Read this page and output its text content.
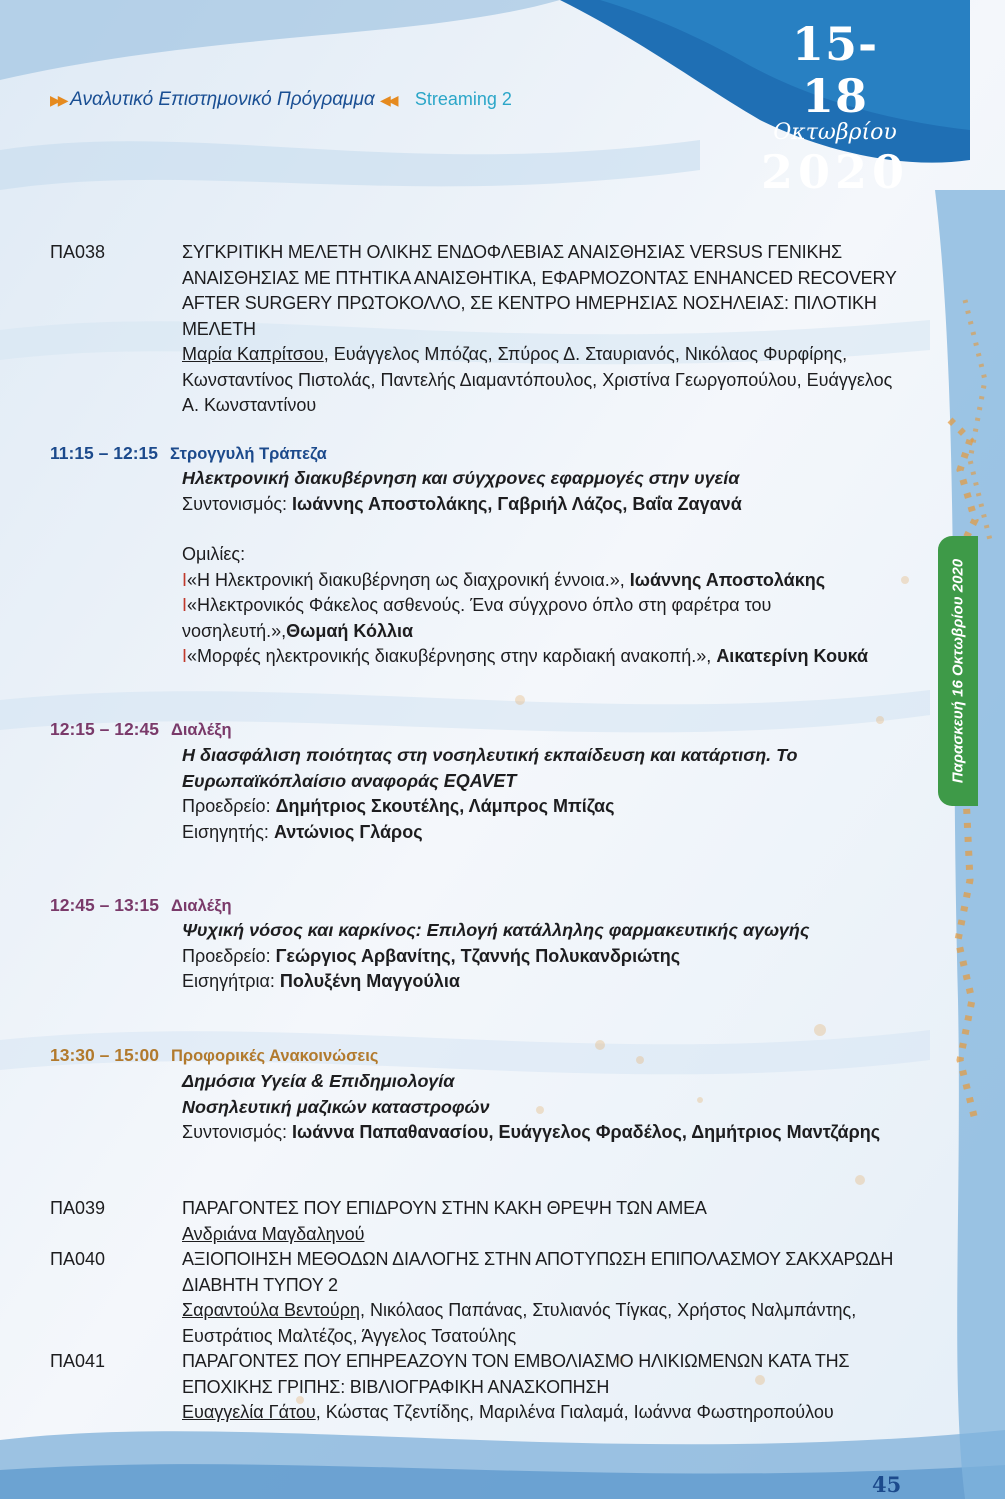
▶▶ Αναλυτικό Επιστημονικό Πρόγραμμα ◀◀ Streaming 2
15-18
Οκτωβρίου
2020
Παρασκευή 16 Οκτωβρίου 2020
ΠΑ038	ΣΥΓΚΡΙΤΙΚΗ ΜΕΛΕΤΗ ΟΛΙΚΗΣ ΕΝΔΟΦΛΕΒΙΑΣ ΑΝΑΙΣΘΗΣΙΑΣ VERSUS ΓΕΝΙΚΗΣ ΑΝΑΙΣΘΗΣΙΑΣ ΜΕ ΠΤΗΤΙΚΑ ΑΝΑΙΣΘΗΤΙΚΑ, ΕΦΑΡΜΟΖΟΝΤΑΣ ENHANCED RECOVERY AFTER SURGERY ΠΡΩΤΟΚΟΛΛΟ, ΣΕ ΚΕΝΤΡΟ ΗΜΕΡΗΣΙΑΣ ΝΟΣΗΛΕΙΑΣ: ΠΙΛΟΤΙΚΗ ΜΕΛΕΤΗ
Μαρία Καπρίτσου, Ευάγγελος Μπόζας, Σπύρος Δ. Σταυριανός, Νικόλαος Φυρφίρης, Κωνσταντίνος Πιστολάς, Παντελής Διαμαντόπουλος, Χριστίνα Γεωργοπούλου, Ευάγγελος Α. Κωνσταντίνου
11:15 – 12:15 Στρογγυλή Τράπεζα
Ηλεκτρονική διακυβέρνηση και σύγχρονες εφαρμογές στην υγεία
Συντονισμός: Ιωάννης Αποστολάκης, Γαβριήλ Λάζος, Βαΐα Ζαγανά
Ομιλίες:
I«Η Ηλεκτρονική διακυβέρνηση ως διαχρονική έννοια.», Ιωάννης Αποστολάκης
I«Ηλεκτρονικός Φάκελος ασθενούς. Ένα σύγχρονο όπλο στη φαρέτρα του νοσηλευτή.»,Θωμαή Κόλλια
I«Μορφές ηλεκτρονικής διακυβέρνησης στην καρδιακή ανακοπή.», Αικατερίνη Κουκά
12:15 – 12:45 Διαλέξη
Η διασφάλιση ποιότητας στη νοσηλευτική εκπαίδευση και κατάρτιση. Το Ευρωπαϊκόπλαίσιο αναφοράς EQAVET
Προεδρείο: Δημήτριος Σκουτέλης, Λάμπρος Μπίζας
Εισηγητής: Αντώνιος Γλάρος
12:45 – 13:15 Διαλέξη
Ψυχική νόσος και καρκίνος: Επιλογή κατάλληλης φαρμακευτικής αγωγής
Προεδρείο: Γεώργιος Αρβανίτης, Τζαννής Πολυκανδριώτης
Εισηγήτρια: Πολυξένη Μαγγούλια
13:30 – 15:00 Προφορικές Ανακοινώσεις
Δημόσια Υγεία & Επιδημιολογία
Νοσηλευτική μαζικών καταστροφών
Συντονισμός: Ιωάννα Παπαθανασίου, Ευάγγελος Φραδέλος, Δημήτριος Μαντζάρης
ΠΑ039	ΠΑΡΑΓΟΝΤΕΣ ΠΟΥ ΕΠΙΔΡΟΥΝ ΣΤΗΝ ΚΑΚΗ ΘΡΕΨΗ ΤΩΝ ΑΜΕΑ
Ανδριάνα Μαγδαληνού
ΠΑ040	ΑΞΙΟΠΟΙΗΣΗ ΜΕΘΟΔΩΝ ΔΙΑΛΟΓΗΣ ΣΤΗΝ ΑΠΟΤΥΠΩΣΗ ΕΠΙΠΟΛΑΣΜΟΥ ΣΑΚΧΑΡΩΔΗ ΔΙΑΒΗΤΗ ΤΥΠΟΥ 2
Σαραντούλα Βεντούρη, Νικόλαος Παπάνας, Στυλιανός Τίγκας, Χρήστος Ναλμπάντης, Ευστράτιος Μαλτέζος, Άγγελος Τσατούλης
ΠΑ041	ΠΑΡΑΓΟΝΤΕΣ ΠΟΥ ΕΠΗΡΕΑΖΟΥΝ ΤΟΝ ΕΜΒΟΛΙΑΣΜΟ ΗΛΙΚΙΩΜΕΝΩΝ ΚΑΤΑ ΤΗΣ ΕΠΟΧΙΚΗΣ ΓΡΙΠΗΣ: ΒΙΒΛΙΟΓΡΑΦΙΚΗ ΑΝΑΣΚΟΠΗΣΗ
Ευαγγελία Γάτου, Κώστας Τζεντίδης, Μαριλένα Γιαλαμά, Ιωάννα Φωστηροπούλου
45
